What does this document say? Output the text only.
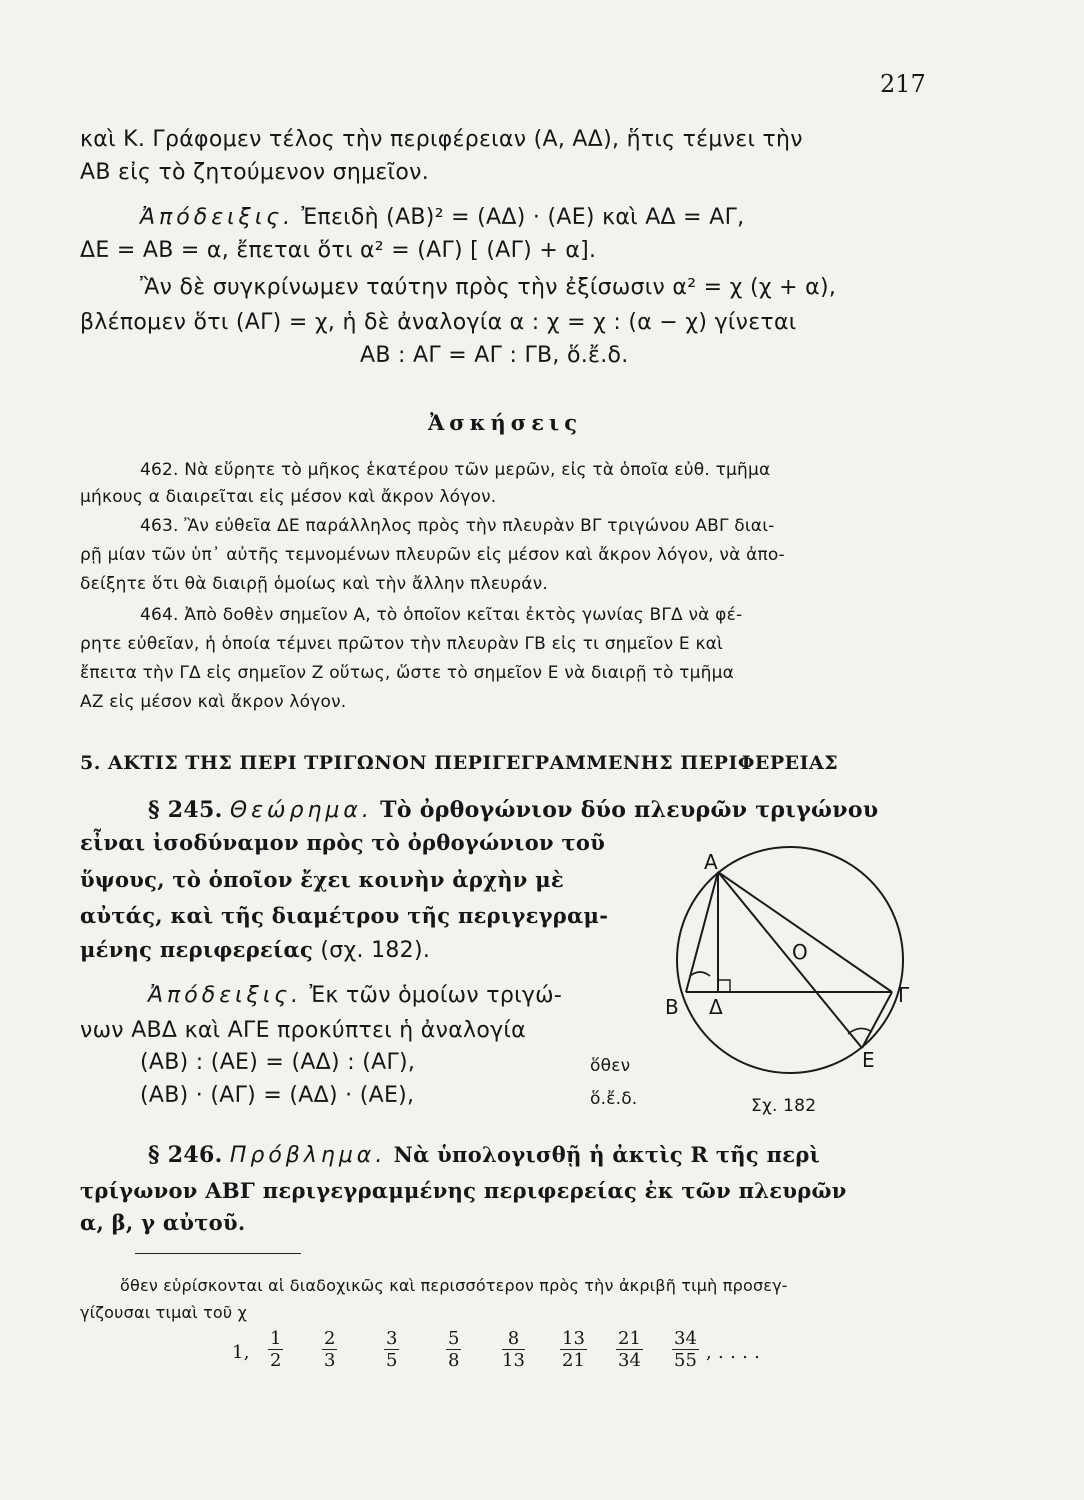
217
καὶ Κ. Γράφομεν τέλος τὴν περιφέρειαν (Α, ΑΔ), ἥτις τέμνει τὴν
ΑΒ εἰς τὸ ζητούμενον σημεῖον.
Ἀπόδειξις. Ἐπειδὴ (ΑΒ)² = (ΑΔ) · (ΑΕ) καὶ ΑΔ = ΑΓ,
ΔΕ = ΑΒ = α, ἔπεται ὅτι α² = (ΑΓ) [ (ΑΓ) + α].
Ἂν δὲ συγκρίνωμεν ταύτην πρὸς τὴν ἐξίσωσιν α² = χ (χ + α),
βλέπομεν ὅτι (ΑΓ) = χ, ἡ δὲ ἀναλογία α : χ = χ : (α − χ) γίνεται
ΑΒ : ΑΓ = ΑΓ : ΓΒ, ὅ.ἔ.δ.
Ἀσκήσεις
462. Νὰ εὕρητε τὸ μῆκος ἑκατέρου τῶν μερῶν, εἰς τὰ ὁποῖα εὐθ. τμῆμα
μήκους α διαιρεῖται εἰς μέσον καὶ ἄκρον λόγον.
463. Ἂν εὐθεῖα ΔΕ παράλληλος πρὸς τὴν πλευρὰν ΒΓ τριγώνου ΑΒΓ διαι-
ρῇ μίαν τῶν ὑπ᾽ αὐτῆς τεμνομένων πλευρῶν εἰς μέσον καὶ ἄκρον λόγον, νὰ ἀπο-
δείξητε ὅτι θὰ διαιρῇ ὁμοίως καὶ τὴν ἄλλην πλευράν.
464. Ἀπὸ δοθὲν σημεῖον Α, τὸ ὁποῖον κεῖται ἐκτὸς γωνίας ΒΓΔ νὰ φέ-
ρητε εὐθεῖαν, ἡ ὁποία τέμνει πρῶτον τὴν πλευρὰν ΓΒ εἰς τι σημεῖον Ε καὶ
ἔπειτα τὴν ΓΔ εἰς σημεῖον Ζ οὕτως, ὥστε τὸ σημεῖον Ε νὰ διαιρῇ τὸ τμῆμα
ΑΖ εἰς μέσον καὶ ἄκρον λόγον.
5. ΑΚΤΙΣ ΤΗΣ ΠΕΡΙ ΤΡΙΓΩΝΟΝ ΠΕΡΙΓΕΓΡΑΜΜΕΝΗΣ ΠΕΡΙΦΕΡΕΙΑΣ
§ 245. Θεώρημα. Τὸ ὀρθογώνιον δύο πλευρῶν τριγώνου
εἶναι ἰσοδύναμον πρὸς τὸ ὀρθογώνιον τοῦ
ὕψους, τὸ ὁποῖον ἔχει κοινὴν ἀρχὴν μὲ
αὐτάς, καὶ τῆς διαμέτρου τῆς περιγεγραμ-
μένης περιφερείας (σχ. 182).
Ἀπόδειξις. Ἐκ τῶν ὁμοίων τριγώ-
νων ΑΒΔ καὶ ΑΓΕ προκύπτει ἡ ἀναλογία
(ΑΒ) : (ΑΕ) = (ΑΔ) : (ΑΓ),	ὅθεν
(ΑΒ) · (ΑΓ) = (ΑΔ) · (ΑΕ),	ὅ.ἔ.δ.
Α
Β Δ
Ο
Γ
Ε
Σχ. 182
§ 246. Πρόβλημα. Νὰ ὑπολογισθῇ ἡ ἀκτὶς R τῆς περὶ
τρίγωνον ΑΒΓ περιγεγραμμένης περιφερείας ἐκ τῶν πλευρῶν
α, β, γ αὐτοῦ.
ὅθεν εὑρίσκονται αἱ διαδοχικῶς καὶ περισσότερον πρὸς τὴν ἀκριβῆ τιμὴ προσεγ-
γίζουσαι τιμαὶ τοῦ χ
1, $\frac{1}{2} \frac{2}{3}$	$\frac{3}{5}$	$\frac{5}{8} \frac{8}{13} \frac{13}{21} \frac{21}{34} \frac{34}{55}$ , . . . .
